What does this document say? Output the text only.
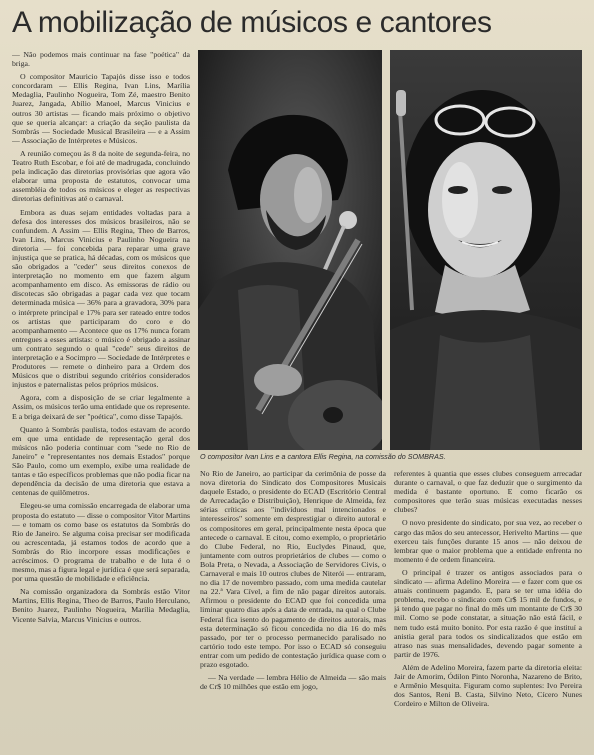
A mobilização de músicos e cantores

— Não podemos mais continuar na fase "poética" da briga.

O compositor Mauricio Tapajós disse isso e todos concordaram — Ellis Regina, Ivan Lins, Marília Medaglia, Paulinho Nogueira, Tom Zé, maestro Benito Juarez, Jangada, Abílio Manoel, Marcus Vinicius e outros 30 artistas — ficando mais próximo o objetivo que se queria alcançar: a criação da seção paulista da Sombrás — Sociedade Musical Brasileira — e a Assim — Associação de Intérpretes e Músicos.

A reunião começou às 8 da noite de segunda-feira, no Teatro Ruth Escobar, e foi até de madrugada, concluindo pela indicação das diretorias provisórias que agora vão elaborar uma proposta de estatutos, convocar uma assembléia de todos os músicos e eleger as respectivas diretorias definitivas até o carnaval.

Embora as duas sejam entidades voltadas para a defesa dos interesses dos músicos brasileiros, não se confundem. A Assim — Ellis Regina, Theo de Barros, Ivan Lins, Marcus Vinicius e Paulinho Nogueira na diretoria — foi concebida para reparar uma grave injustiça que se pratica, há décadas, com os músicos que são obrigados a "ceder" seus direitos conexos de interpretação no momento em que fazem algum acompanhamento em disco. As emissoras de rádio ou discotecas são obrigadas a pagar cada vez que tocam determinada música — 36% para a gravadora, 30% para o intérprete principal e 17% para ser rateado entre todos os artistas que participaram do coro e do acompanhamento — Acontece que os 17% nunca foram entregues a esses artistas: o músico é obrigado a assinar um contrato segundo o qual "cede" seus direitos de interpretação e a Socimpro — Sociedade de Intérpretes e Produtores — remete o dinheiro para a Ordem dos Músicos que o distribui segundo critérios considerados injustos e paternalistas pelos próprios músicos.

Agora, com a disposição de se criar legalmente a Assim, os músicos terão uma entidade que os represente. E a briga deixará de ser "poética", como disse Tapajós.

Quanto à Sombrás paulista, todos estavam de acordo em que uma entidade de representação geral dos músicos não poderia continuar com "sede no Rio de Janeiro" e "representantes nos demais Estados" porque São Paulo, como um exemplo, exibe uma realidade de tantas e tão específicos problemas que não podia ficar na dependência da decisão de uma diretoria que estava a centenas de quilômetros.

Elegeu-se uma comissão encarregada de elaborar uma proposta do estatuto — disse o compositor Vitor Martins — e tomam os como base os estatutos da Sombrás do Rio de Janeiro. Se alguma coisa precisar ser modificada ou acrescentada, já estamos todos de acordo que a Sombrás do Rio incorpore essas modificações e acréscimos. O programa de trabalho e de luta é o mesmo, mas a figura legal e jurídica é que será separada, por uma questão de mobilidade e eficiência.

Na comissão organizadora da Sombrás estão Vitor Martins, Ellis Regina, Theo de Barros, Paulo Herculano, Benito Juarez, Paulinho Nogueira, Marília Medaglia, Vicente Salvia, Marcus Vinicius e outros.

O compositor Ivan Lins e a cantora Ellis Regina, na comissão do SOMBRAS.

No Rio de Janeiro, ao participar da cerimônia de posse da nova diretoria do Sindicato dos Compositores Musicais daquele Estado, o presidente do ECAD (Escritório Central de Arrecadação e Distribuição), Henrique de Almeida, fez sérias críticas aos "indivíduos mal intencionados e interesseiros" somente em desprestigiar o direito autoral e os compositores em geral, principalmente nesta época que antecede o carnaval. E citou, como exemplo, o proprietário do Clube Federal, no Rio, Euclydes Pinaud, que, juntamente com outros proprietários de clubes — como o Bola Preta, o Nevada, a Associação de Servidores Civis, o Carnaveral e mais 10 outros clubes de Niterói — entraram, no dia 17 de novembro passado, com uma medida cautelar na 22.ª Vara Cível, a fim de não pagar direitos autorais. Afirmou o presidente do ECAD que foi concedida uma liminar quatro dias após a data de entrada, na qual o Clube Federal fica isento do pagamento de direitos autorais, mas esta determinação só ficou concedida no dia 16 do mês passado, por ter o processo permanecido paralisado no cartório todo este tempo. Por isso o ECAD só conseguiu entrar com um pedido de contestação jurídica quase com o prazo esgotado.

— Na verdade — lembra Hélio de Almeida — são mais de Cr$ 10 milhões que estão em jogo,

referentes à quantia que esses clubes conseguem arrecadar durante o carnaval, o que faz deduzir que o surgimento da medida é bastante oportuno. E como ficarão os compositores que terão suas músicas executadas nesses clubes?

O novo presidente do sindicato, por sua vez, ao receber o cargo das mãos do seu antecessor, Herivelto Martins — que exerceu tais funções durante 15 anos — não deixou de lembrar que o maior problema que a entidade enfrenta no momento é de ordem financeira.

O principal é trazer os antigos associados para o sindicato — afirma Adelino Moreira — e fazer com que os atuais continuem pagando. E, para se ter uma idéia do problema, recebo o sindicato com Cr$ 15 mil de fundos, e já tendo que pagar no final do mês um montante de Cr$ 30 mil. Como se pode constatar, a situação não está fácil, e nem tudo está muito bonito. Por esta razão é que instituí a anistia geral para todos os sindicalizados que estão em atraso nas suas mensalidades, devendo pagar somente a partir de 1976.

Além de Adelino Moreira, fazem parte da diretoria eleita: Jair de Amorim, Ódilon Pinto Noronha, Nazareno de Brito, e Armênio Mesquita. Figuram como suplentes: Ivo Pereira dos Santos, Reni B. Casta, Silvino Neto, Cícero Nunes Cordeiro e Milton de Oliveira.
